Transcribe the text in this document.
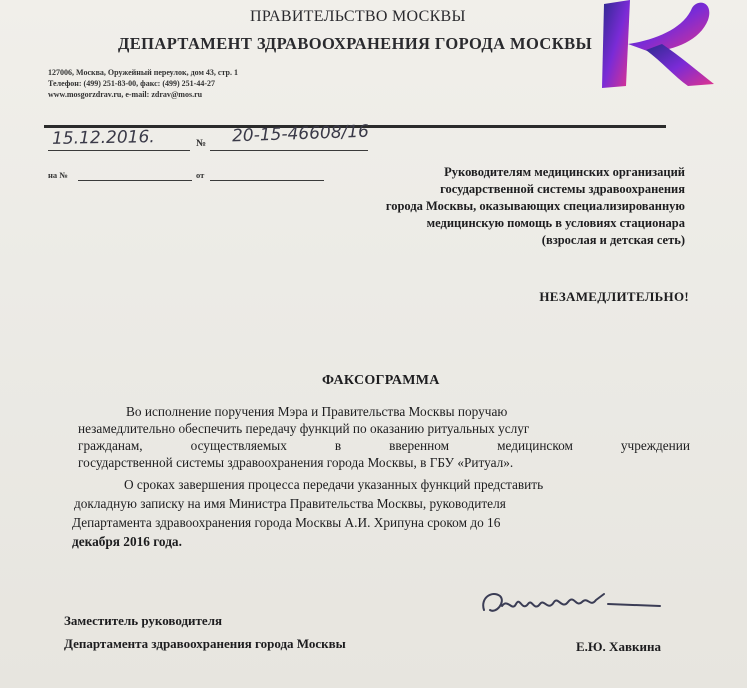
ПРАВИТЕЛЬСТВО МОСКВЫ
ДЕПАРТАМЕНТ ЗДРАВООХРАНЕНИЯ ГОРОДА МОСКВЫ
127006, Москва, Оружейный переулок, дом 43, стр. 1
Телефон: (499) 251-83-00, факс: (499) 251-44-27
www.mosgorzdrav.ru, e-mail: zdrav@mos.ru
15.12.2016.	№ 20-15-46608/16
на №	от	Руководителям медицинских организаций
государственной системы здравоохранения
города Москвы, оказывающих специализированную
медицинскую помощь в условиях стационара
(взрослая и детская сеть)
НЕЗАМЕДЛИТЕЛЬНО!
ФАКСОГРАММА
Во исполнение поручения Мэра и Правительства Москвы поручаю
незамедлительно обеспечить передачу функций по оказанию ритуальных услуг
гражданам,	осуществляемых	в	вверенном	медицинском	учреждении
государственной системы здравоохранения города Москвы, в ГБУ «Ритуал».
О сроках завершения процесса передачи указанных функций представить
докладную записку на имя Министра Правительства Москвы, руководителя
Департамента здравоохранения города Москвы А.И. Хрипуна сроком до 16
декабря 2016 года.
Заместитель руководителя
Департамента здравоохранения города Москвы	Е.Ю. Хавкина
